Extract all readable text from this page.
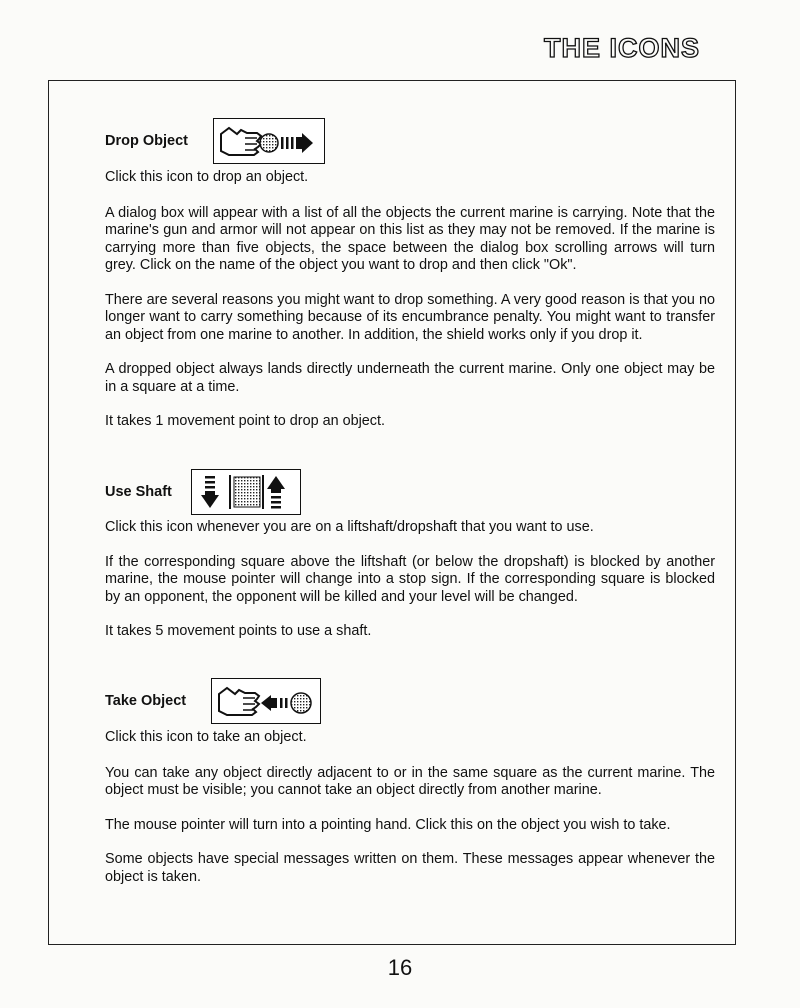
THE ICONS
Drop Object

Click this icon to drop an object.

A dialog box will appear with a list of all the objects the current marine is carrying. Note that the marine's gun and armor will not appear on this list as they may not be removed. If the marine is carrying more than five objects, the space between the dialog box scrolling arrows will turn grey. Click on the name of the object you want to drop and then click "Ok".

There are several reasons you might want to drop something. A very good reason is that you no longer want to carry something because of its encumbrance penalty. You might want to transfer an object from one marine to another. In addition, the shield works only if you drop it.

A dropped object always lands directly underneath the current marine. Only one object may be in a square at a time.

It takes 1 movement point to drop an object.

Use Shaft

Click this icon whenever you are on a liftshaft/dropshaft that you want to use.

If the corresponding square above the liftshaft (or below the dropshaft) is blocked by another marine, the mouse pointer will change into a stop sign. If the corresponding square is blocked by an opponent, the opponent will be killed and your level will be changed.

It takes 5 movement points to use a shaft.

Take Object

Click this icon to take an object.

You can take any object directly adjacent to or in the same square as the current marine. The object must be visible; you cannot take an object directly from another marine.

The mouse pointer will turn into a pointing hand. Click this on the object you wish to take.

Some objects have special messages written on them. These messages appear whenever the object is taken.

16
